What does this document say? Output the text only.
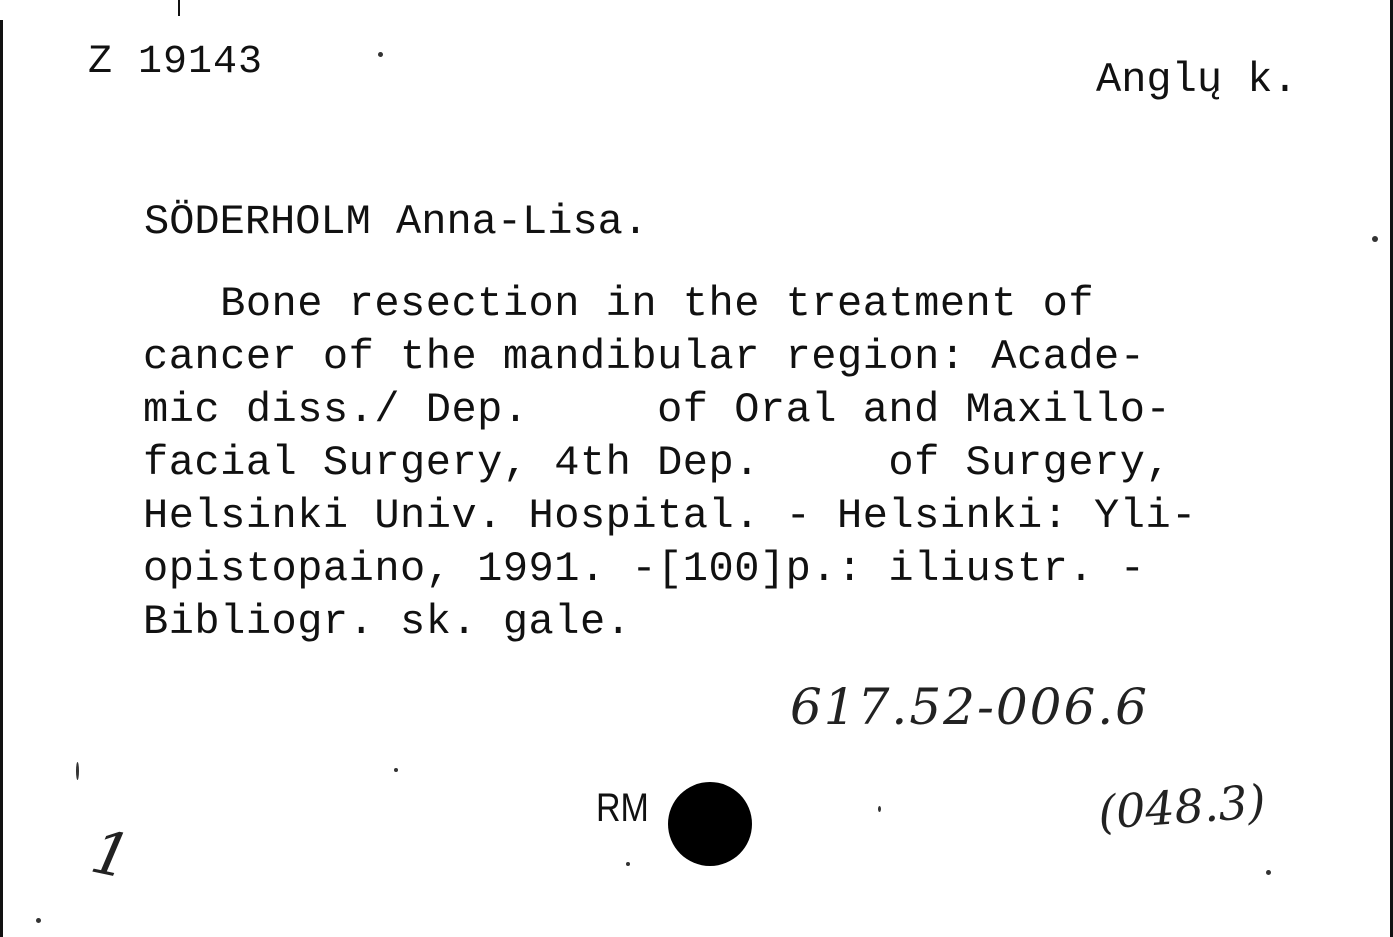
Z 19143	Anglų k.
SÖDERHOLM Anna-Lisa.
Bone resection in the treatment of
cancer of the mandibular region: Acade-
mic diss./ Dep.     of Oral and Maxillo-
facial Surgery, 4th Dep.     of Surgery,
Helsinki Univ. Hospital. - Helsinki: Yli-
opistopaino, 1991. -[100]p.: iliustr. -
Bibliogr. sk. gale.
617.52-006.6
(048.3)
1
RM
